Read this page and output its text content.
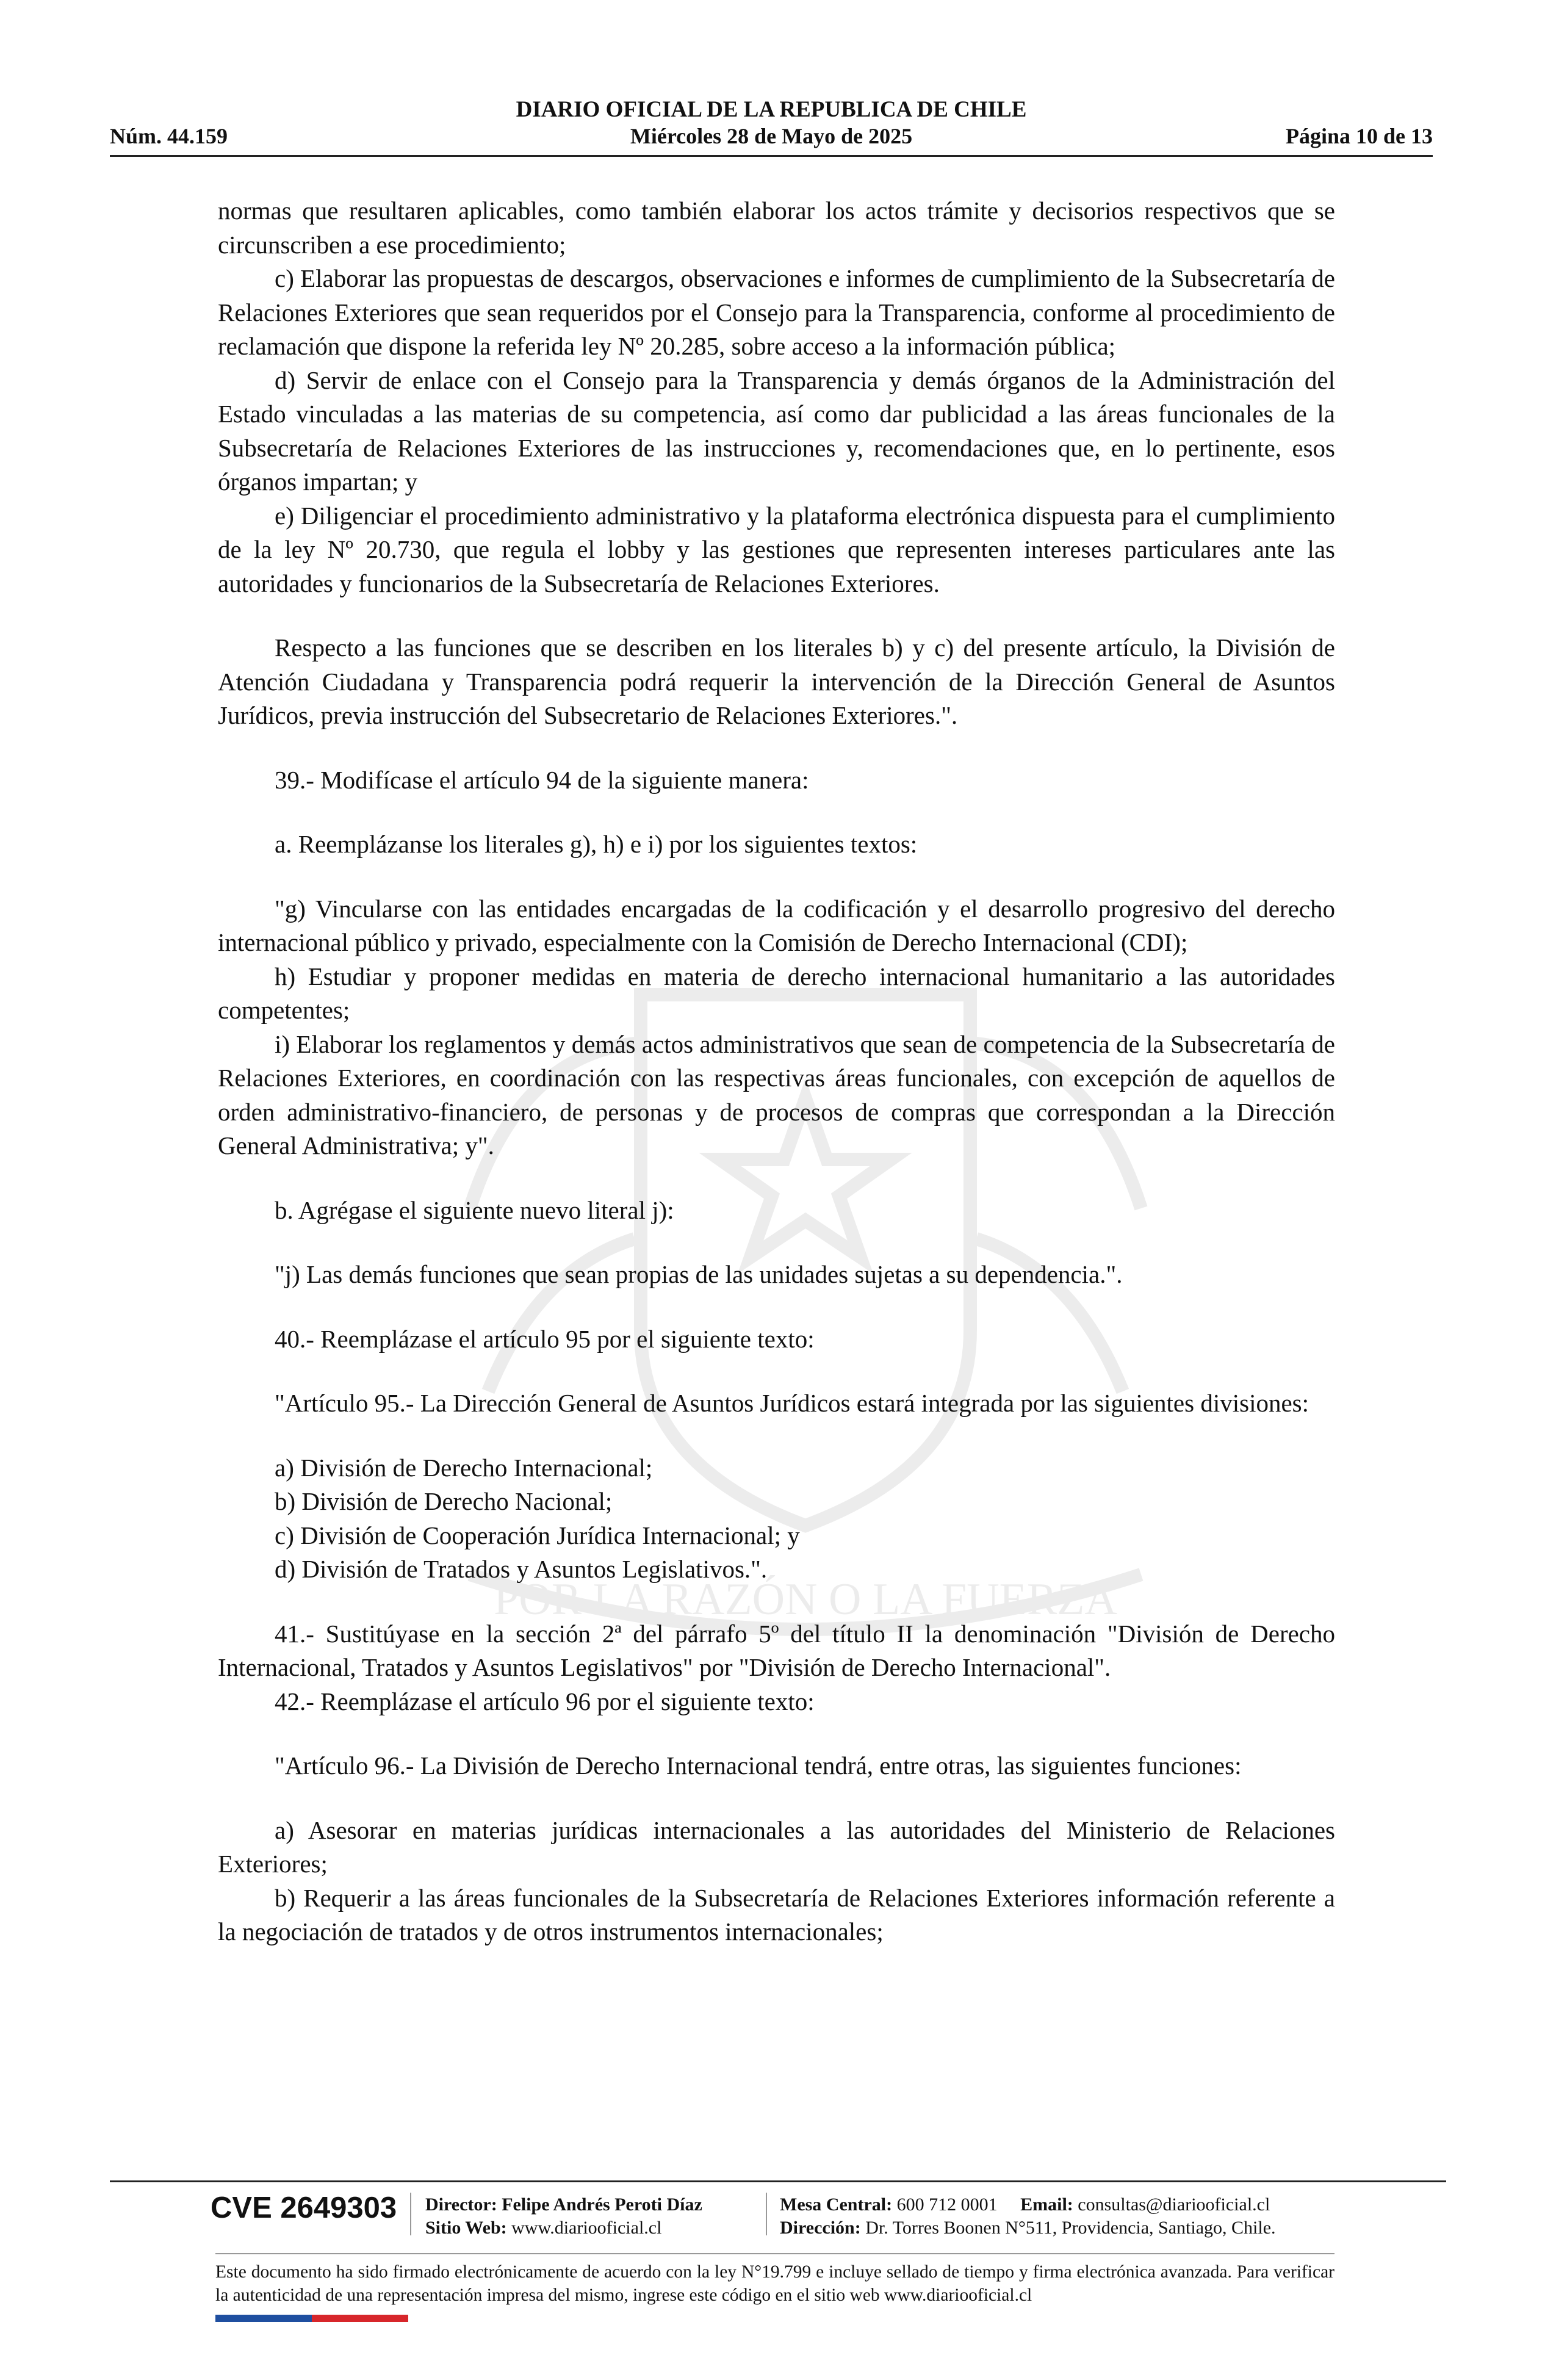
POR LA RAZÓN O LA FUERZA
DIARIO OFICIAL DE LA REPUBLICA DE CHILE
Núm. 44.159	Miércoles 28 de Mayo de 2025	Página 10 de 13

normas que resultaren aplicables, como también elaborar los actos trámite y decisorios respectivos que se circunscriben a ese procedimiento;

c) Elaborar las propuestas de descargos, observaciones e informes de cumplimiento de la Subsecretaría de Relaciones Exteriores que sean requeridos por el Consejo para la Transparencia, conforme al procedimiento de reclamación que dispone la referida ley Nº 20.285, sobre acceso a la información pública;

d) Servir de enlace con el Consejo para la Transparencia y demás órganos de la Administración del Estado vinculadas a las materias de su competencia, así como dar publicidad a las áreas funcionales de la Subsecretaría de Relaciones Exteriores de las instrucciones y, recomendaciones que, en lo pertinente, esos órganos impartan; y

e) Diligenciar el procedimiento administrativo y la plataforma electrónica dispuesta para el cumplimiento de la ley Nº 20.730, que regula el lobby y las gestiones que representen intereses particulares ante las autoridades y funcionarios de la Subsecretaría de Relaciones Exteriores.

Respecto a las funciones que se describen en los literales b) y c) del presente artículo, la División de Atención Ciudadana y Transparencia podrá requerir la intervención de la Dirección General de Asuntos Jurídicos, previa instrucción del Subsecretario de Relaciones Exteriores.".

39.- Modifícase el artículo 94 de la siguiente manera:

a. Reemplázanse los literales g), h) e i) por los siguientes textos:

"g) Vincularse con las entidades encargadas de la codificación y el desarrollo progresivo del derecho internacional público y privado, especialmente con la Comisión de Derecho Internacional (CDI);

h) Estudiar y proponer medidas en materia de derecho internacional humanitario a las autoridades competentes;

i) Elaborar los reglamentos y demás actos administrativos que sean de competencia de la Subsecretaría de Relaciones Exteriores, en coordinación con las respectivas áreas funcionales, con excepción de aquellos de orden administrativo-financiero, de personas y de procesos de compras que correspondan a la Dirección General Administrativa; y".

b. Agrégase el siguiente nuevo literal j):

"j) Las demás funciones que sean propias de las unidades sujetas a su dependencia.".

40.- Reemplázase el artículo 95 por el siguiente texto:

"Artículo 95.- La Dirección General de Asuntos Jurídicos estará integrada por las siguientes divisiones:

a) División de Derecho Internacional;

b) División de Derecho Nacional;

c) División de Cooperación Jurídica Internacional; y

d) División de Tratados y Asuntos Legislativos.".

41.- Sustitúyase en la sección 2ª del párrafo 5º del título II la denominación "División de Derecho Internacional, Tratados y Asuntos Legislativos" por "División de Derecho Internacional".

42.- Reemplázase el artículo 96 por el siguiente texto:

"Artículo 96.- La División de Derecho Internacional tendrá, entre otras, las siguientes funciones:

a) Asesorar en materias jurídicas internacionales a las autoridades del Ministerio de Relaciones Exteriores;

b) Requerir a las áreas funcionales de la Subsecretaría de Relaciones Exteriores información referente a la negociación de tratados y de otros instrumentos internacionales;

CVE 2649303 Director: Felipe Andrés Peroti Díaz
Sitio Web: www.diariooficial.cl
Mesa Central: 600 712 0001 Email: consultas@diariooficial.cl
Dirección: Dr. Torres Boonen N°511, Providencia, Santiago, Chile.
Este documento ha sido firmado electrónicamente de acuerdo con la ley N°19.799 e incluye sellado de tiempo y firma electrónica avanzada. Para verificar la autenticidad de una representación impresa del mismo, ingrese este código en el sitio web www.diariooficial.cl
